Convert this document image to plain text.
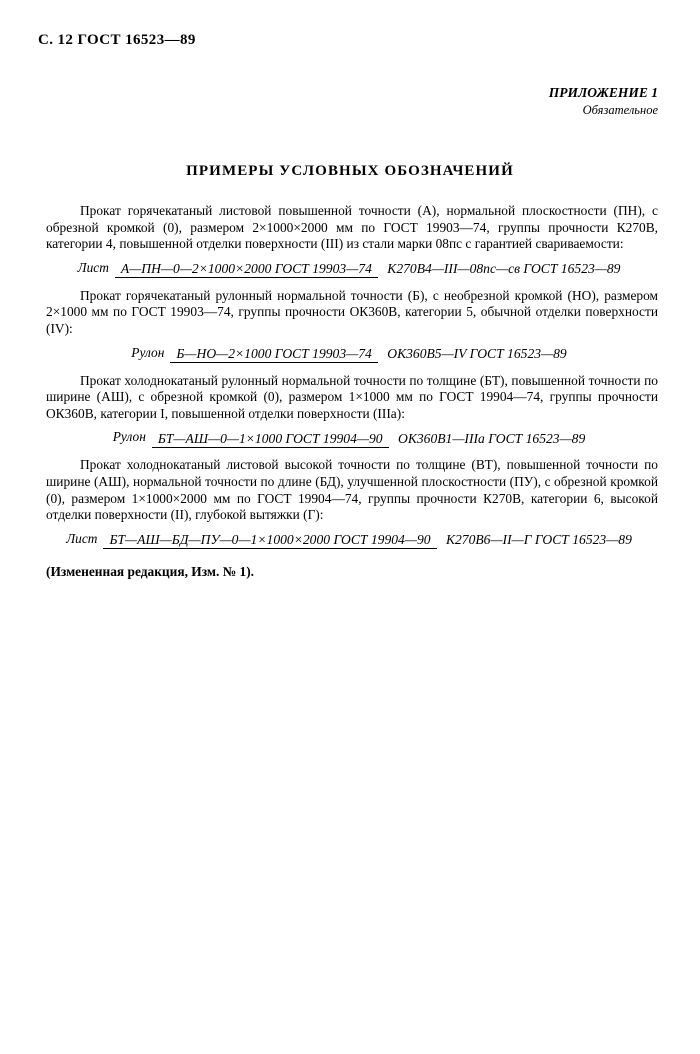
С. 12 ГОСТ 16523—89
ПРИЛОЖЕНИЕ 1
Обязательное
ПРИМЕРЫ УСЛОВНЫХ ОБОЗНАЧЕНИЙ

Прокат горячекатаный листовой повышенной точности (А), нормальной плоскостности (ПН), с обрезной кромкой (0), размером 2×1000×2000 мм по ГОСТ 19903—74, группы прочности К270В, категории 4, повышенной отделки поверхности (III) из стали марки 08пс с гарантией свариваемости:

Лист А—ПН—0—2×1000×2000 ГОСТ 19903—74 К270В4—III—08пс—св ГОСТ 16523—89

Прокат горячекатаный рулонный нормальной точности (Б), с необрезной кромкой (НО), размером 2×1000 мм по ГОСТ 19903—74, группы прочности ОК360В, категории 5, обычной отделки поверхности (IV):

Рулон Б—НО—2×1000 ГОСТ 19903—74 ОК360В5—IV ГОСТ 16523—89

Прокат холоднокатаный рулонный нормальной точности по толщине (БТ), повышенной точности по ширине (АШ), с обрезной кромкой (0), размером 1×1000 мм по ГОСТ 19904—74, группы прочности ОК360В, категории I, повышенной отделки поверхности (IIIа):

Рулон БТ—АШ—0—1×1000 ГОСТ 19904—90 ОК360В1—IIIа ГОСТ 16523—89

Прокат холоднокатаный листовой высокой точности по толщине (ВТ), повышенной точности по ширине (АШ), нормальной точности по длине (БД), улучшенной плоскостности (ПУ), с обрезной кромкой (0), размером 1×1000×2000 мм по ГОСТ 19904—74, группы прочности К270В, категории 6, высокой отделки поверхности (II), глубокой вытяжки (Г):

Лист БТ—АШ—БД—ПУ—0—1×1000×2000 ГОСТ 19904—90 К270В6—II—Г ГОСТ 16523—89
(Измененная редакция, Изм. № 1).
